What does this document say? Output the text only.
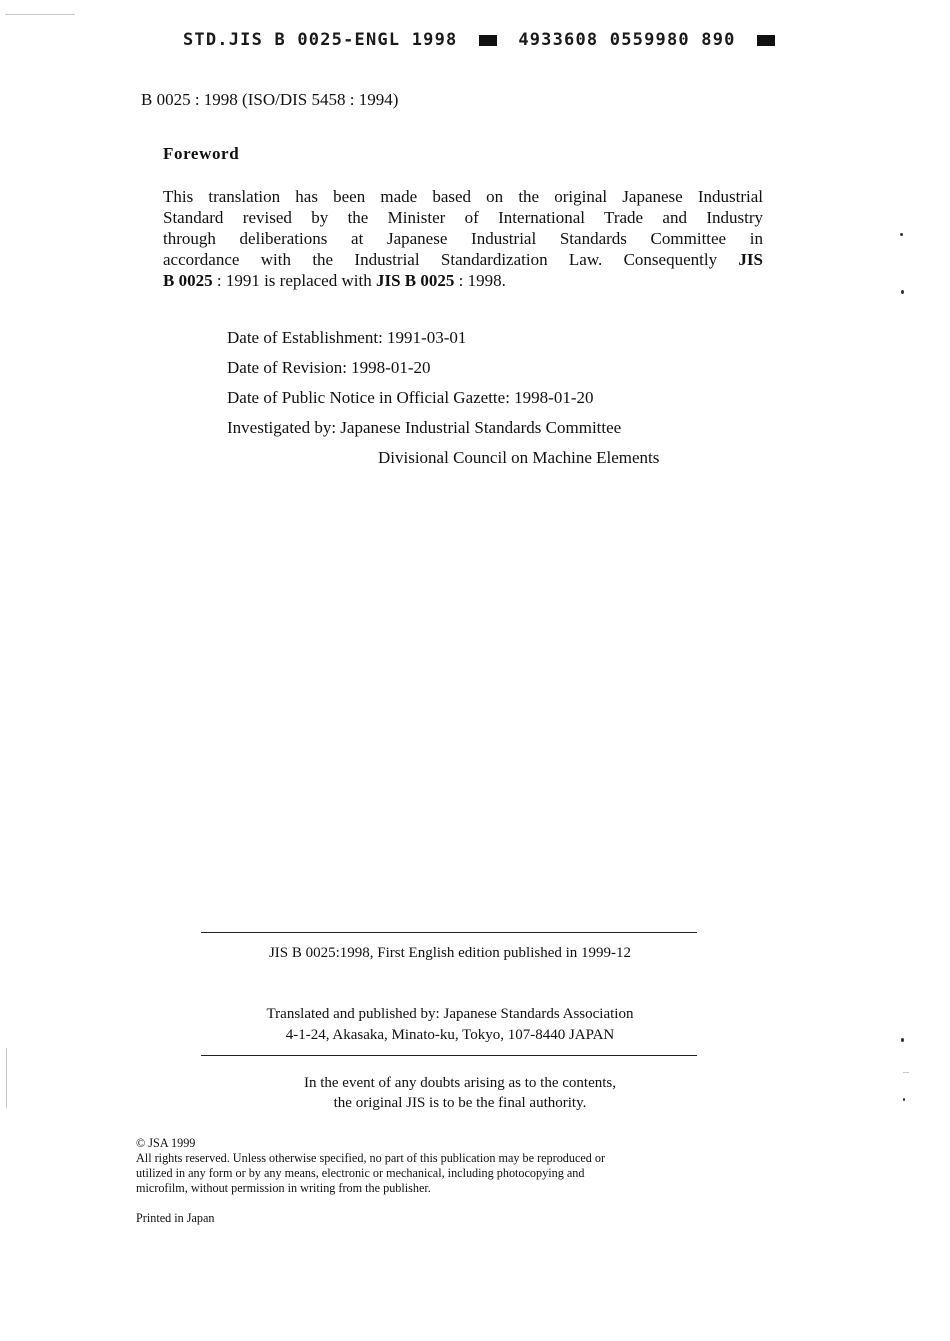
STD.JIS B 0025-ENGL 1998	4933608 0559980 890
B 0025 : 1998 (ISO/DIS 5458 : 1994)
Foreword
This translation has been made based on the original Japanese Industrial
Standard revised by the Minister of International Trade and Industry
through deliberations at Japanese Industrial Standards Committee in
accordance with the Industrial Standardization Law. Consequently JIS
B 0025 : 1991 is replaced with JIS B 0025 : 1998.
Date of Establishment: 1991-03-01
Date of Revision: 1998-01-20
Date of Public Notice in Official Gazette: 1998-01-20
Investigated by: Japanese Industrial Standards Committee
Divisional Council on Machine Elements
JIS B 0025:1998, First English edition published in 1999-12
Translated and published by: Japanese Standards Association
4-1-24, Akasaka, Minato-ku, Tokyo, 107-8440 JAPAN
In the event of any doubts arising as to the contents,
the original JIS is to be the final authority.
© JSA 1999
All rights reserved. Unless otherwise specified, no part of this publication may be reproduced or
utilized in any form or by any means, electronic or mechanical, including photocopying and
microfilm, without permission in writing from the publisher.
Printed in Japan
